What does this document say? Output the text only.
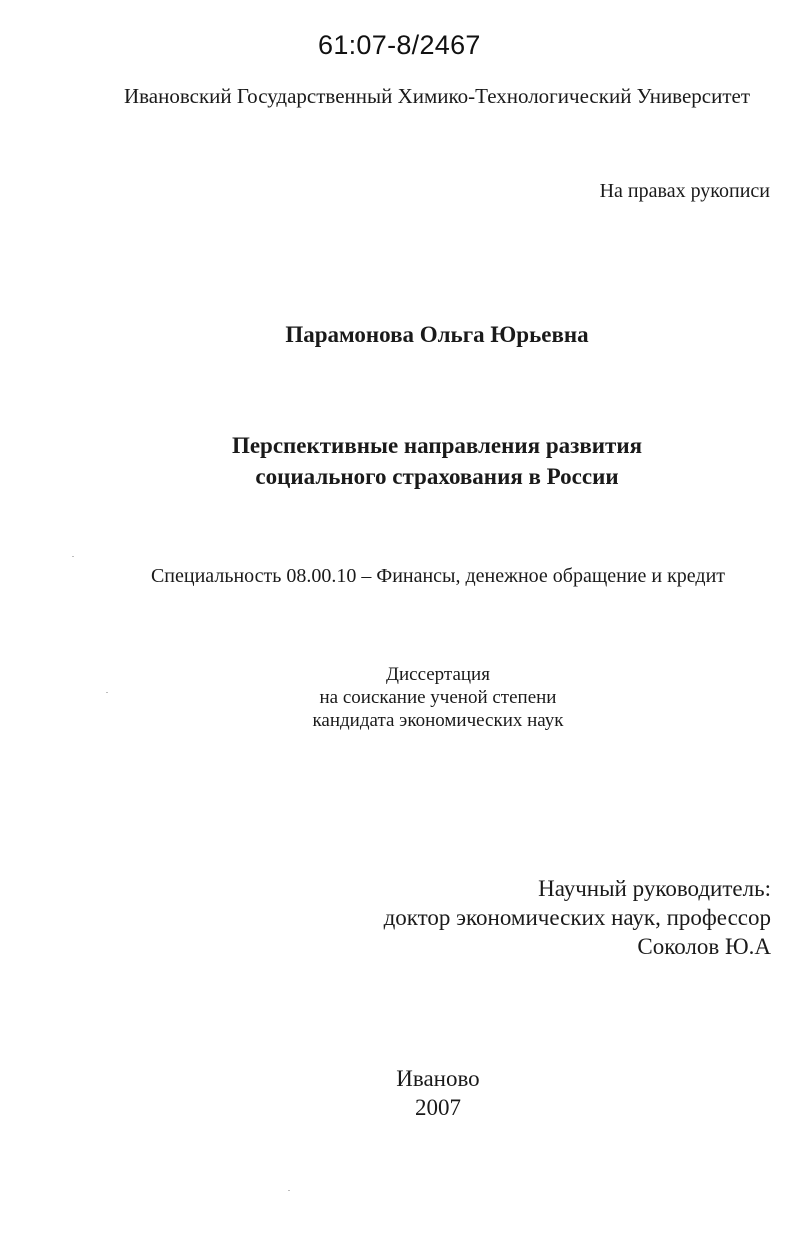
61:07-8/2467
Ивановский Государственный Химико-Технологический Университет
На правах рукописи
Парамонова Ольга Юрьевна
Перспективные направления развития
социального страхования в России
Специальность 08.00.10 – Финансы, денежное обращение и кредит
Диссертация
на соискание ученой степени
кандидата экономических наук
Научный руководитель:
доктор экономических наук, профессор
Соколов Ю.А
Иваново
2007
